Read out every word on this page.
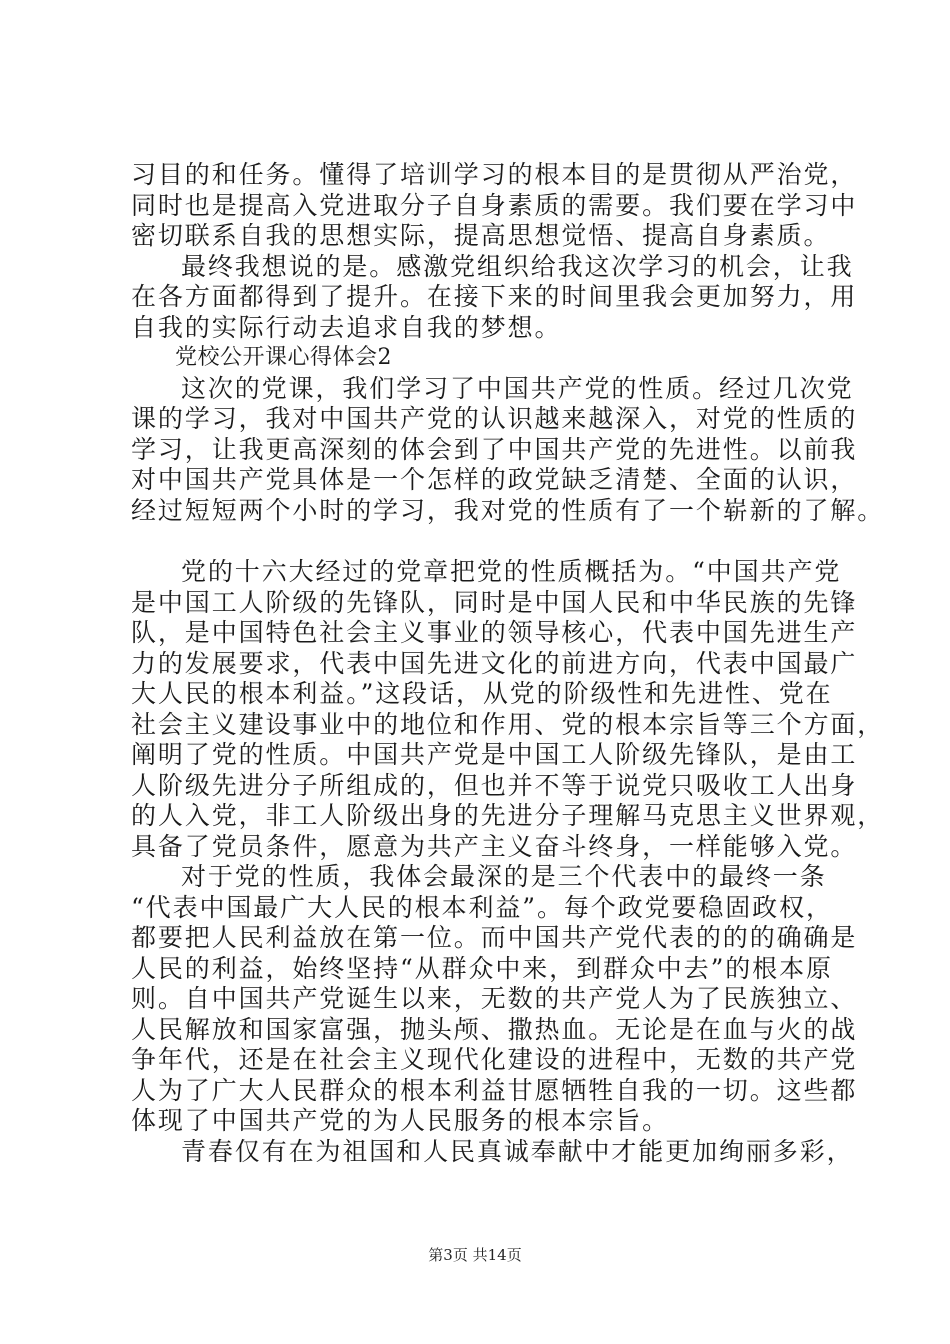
习目的和任务。懂得了培训学习的根本目的是贯彻从严治党，
同时也是提高入党进取分子自身素质的需要。我们要在学习中
密切联系自我的思想实际，提高思想觉悟、提高自身素质。
最终我想说的是。感激党组织给我这次学习的机会，让我
在各方面都得到了提升。在接下来的时间里我会更加努力，用
自我的实际行动去追求自我的梦想。
党校公开课心得体会2
这次的党课，我们学习了中国共产党的性质。经过几次党
课的学习，我对中国共产党的认识越来越深入，对党的性质的
学习，让我更高深刻的体会到了中国共产党的先进性。以前我
对中国共产党具体是一个怎样的政党缺乏清楚、全面的认识，
经过短短两个小时的学习，我对党的性质有了一个崭新的了解。
党的十六大经过的党章把党的性质概括为。“中国共产党
是中国工人阶级的先锋队，同时是中国人民和中华民族的先锋
队，是中国特色社会主义事业的领导核心，代表中国先进生产
力的发展要求，代表中国先进文化的前进方向，代表中国最广
大人民的根本利益。”这段话，从党的阶级性和先进性、党在
社会主义建设事业中的地位和作用、党的根本宗旨等三个方面，
阐明了党的性质。中国共产党是中国工人阶级先锋队，是由工
人阶级先进分子所组成的，但也并不等于说党只吸收工人出身
的人入党，非工人阶级出身的先进分子理解马克思主义世界观，
具备了党员条件，愿意为共产主义奋斗终身，一样能够入党。
对于党的性质，我体会最深的是三个代表中的最终一条
“代表中国最广大人民的根本利益”。每个政党要稳固政权，
都要把人民利益放在第一位。而中国共产党代表的的的确确是
人民的利益，始终坚持“从群众中来，到群众中去”的根本原
则。自中国共产党诞生以来，无数的共产党人为了民族独立、
人民解放和国家富强，抛头颅、撒热血。无论是在血与火的战
争年代，还是在社会主义现代化建设的进程中，无数的共产党
人为了广大人民群众的根本利益甘愿牺牲自我的一切。这些都
体现了中国共产党的为人民服务的根本宗旨。
青春仅有在为祖国和人民真诚奉献中才能更加绚丽多彩，
第3页 共14页
